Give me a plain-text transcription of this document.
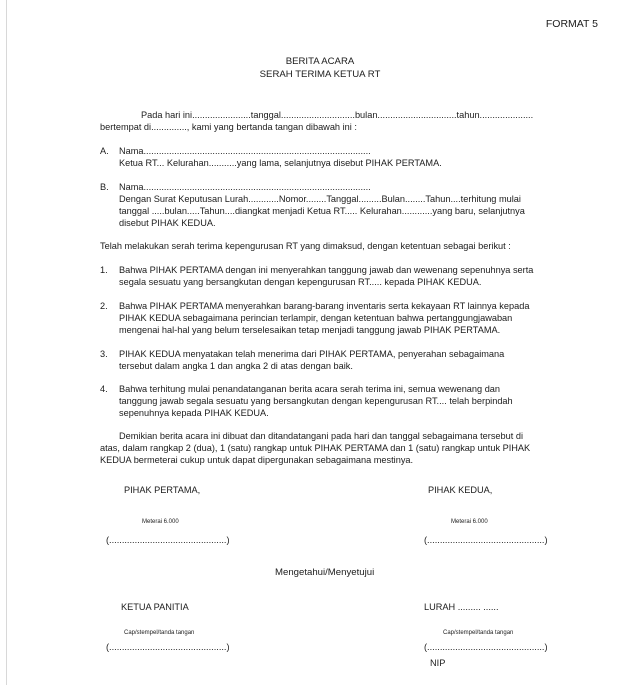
FORMAT 5
BERITA ACARA
SERAH TERIMA KETUA RT
Pada hari ini.......................tanggal.............................bulan...............................tahun.....................
bertempat di.............., kami yang bertanda tangan dibawah ini :
A. Nama.........................................................................................
Ketua RT... Kelurahan...........yang lama, selanjutnya disebut PIHAK PERTAMA.
B. Nama.........................................................................................
Dengan Surat Keputusan Lurah............Nomor........Tanggal.........Bulan........Tahun....terhitung mulai
tanggal .....bulan.....Tahun....diangkat menjadi Ketua RT..... Kelurahan............yang baru, selanjutnya
disebut PIHAK KEDUA.
Telah melakukan serah terima kepengurusan RT yang dimaksud, dengan ketentuan sebagai berikut :
1. Bahwa PIHAK PERTAMA dengan ini menyerahkan tanggung jawab dan wewenang sepenuhnya serta
segala sesuatu yang bersangkutan dengan kepengurusan RT..... kepada PIHAK KEDUA.
2. Bahwa PIHAK PERTAMA menyerahkan barang-barang inventaris serta kekayaan RT lainnya kepada
PIHAK KEDUA sebagaimana perincian terlampir, dengan ketentuan bahwa pertanggungjawaban
mengenai hal-hal yang belum terselesaikan tetap menjadi tanggung jawab PIHAK PERTAMA.
3. PIHAK KEDUA menyatakan telah menerima dari PIHAK PERTAMA, penyerahan sebagaimana
tersebut dalam angka 1 dan angka 2 di atas dengan baik.
4. Bahwa terhitung mulai penandatanganan berita acara serah terima ini, semua wewenang dan
tanggung jawab segala sesuatu yang bersangkutan dengan kepengurusan RT.... telah berpindah
sepenuhnya kepada PIHAK KEDUA.
Demikian berita acara ini dibuat dan ditandatangani pada hari dan tanggal sebagaimana tersebut di
atas, dalam rangkap 2 (dua), 1 (satu) rangkap untuk PIHAK PERTAMA dan 1 (satu) rangkap untuk PIHAK
KEDUA bermeterai cukup untuk dapat dipergunakan sebagaimana mestinya.
PIHAK PERTAMA,	PIHAK KEDUA,
Meterai 6.000	Meterai 6.000
(..............................................)	(..............................................)
Mengetahui/Menyetujui
KETUA PANITIA	LURAH ......... ......
Cap/stempel/tanda tangan	Cap/stempel/tanda tangan
(..............................................)	(..............................................)
NIP
